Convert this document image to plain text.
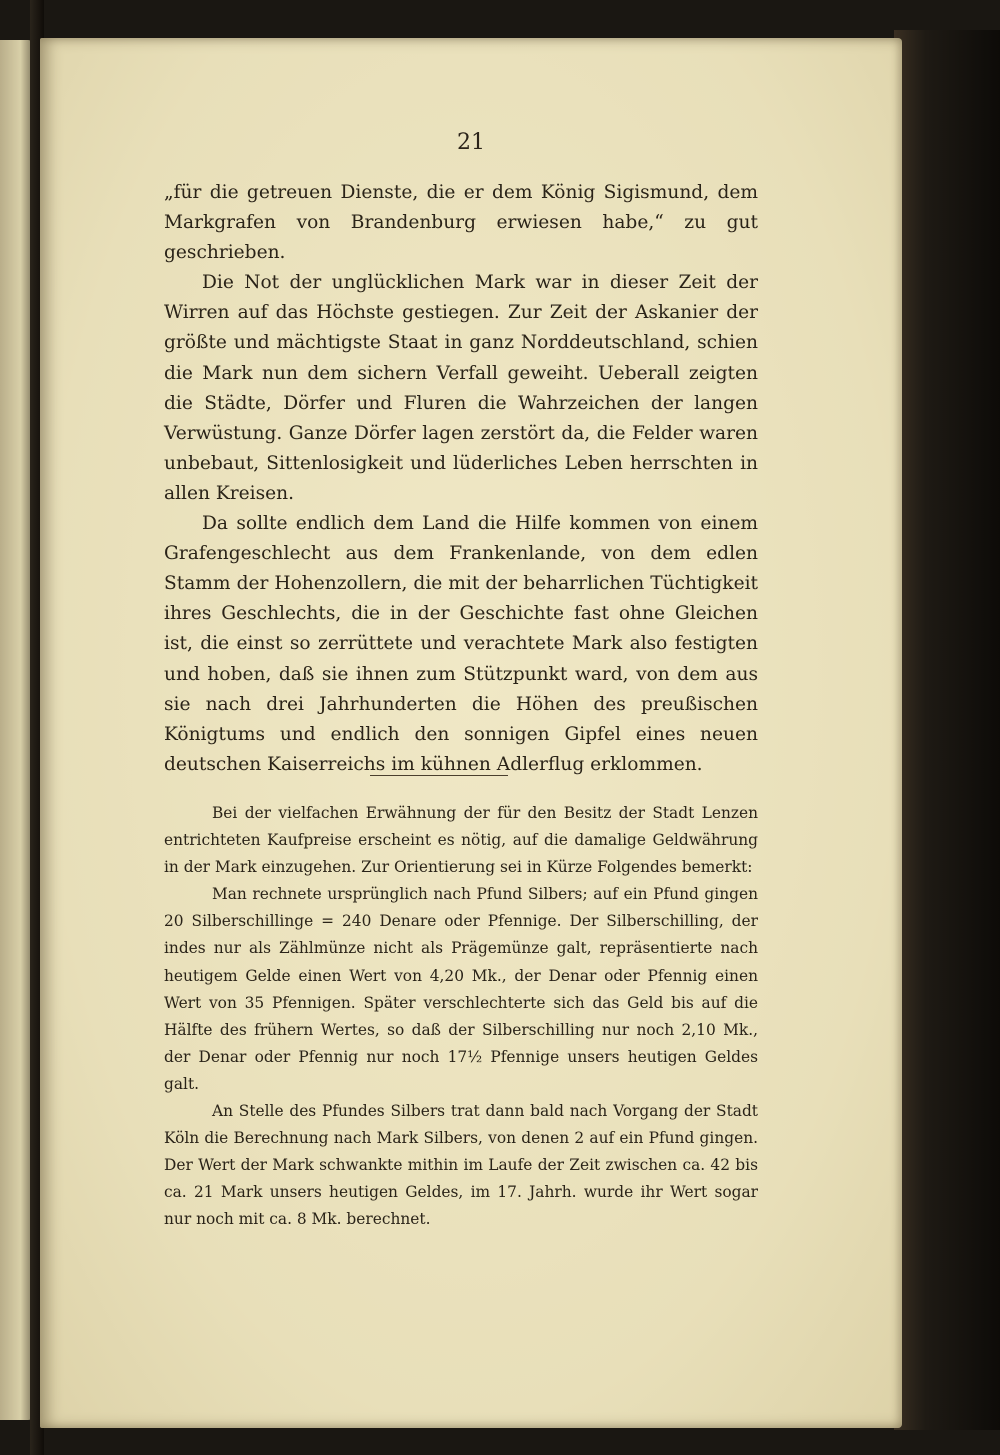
21

„für die getreuen Dienste, die er dem König Sigismund, dem Markgrafen von Brandenburg erwiesen habe,“ zu gut geschrieben.

Die Not der unglücklichen Mark war in dieser Zeit der Wirren auf das Höchste gestiegen. Zur Zeit der Askanier der größte und mächtigste Staat in ganz Norddeutschland, schien die Mark nun dem sichern Verfall geweiht. Ueberall zeigten die Städte, Dörfer und Fluren die Wahrzeichen der langen Verwüstung. Ganze Dörfer lagen zerstört da, die Felder waren unbebaut, Sittenlosigkeit und lüderliches Leben herrschten in allen Kreisen.

Da sollte endlich dem Land die Hilfe kommen von einem Grafengeschlecht aus dem Frankenlande, von dem edlen Stamm der Hohenzollern, die mit der beharrlichen Tüchtigkeit ihres Geschlechts, die in der Geschichte fast ohne Gleichen ist, die einst so zerrüttete und verachtete Mark also festigten und hoben, daß sie ihnen zum Stützpunkt ward, von dem aus sie nach drei Jahrhunderten die Höhen des preußischen Königtums und endlich den sonnigen Gipfel eines neuen deutschen Kaiserreichs im kühnen Adlerflug erklommen.

Bei der vielfachen Erwähnung der für den Besitz der Stadt Lenzen entrichteten Kaufpreise erscheint es nötig, auf die damalige Geldwährung in der Mark einzugehen. Zur Orientierung sei in Kürze Folgendes bemerkt:

Man rechnete ursprünglich nach Pfund Silbers; auf ein Pfund gingen 20 Silberschillinge = 240 Denare oder Pfennige. Der Silberschilling, der indes nur als Zählmünze nicht als Prägemünze galt, repräsentierte nach heutigem Gelde einen Wert von 4,20 Mk., der Denar oder Pfennig einen Wert von 35 Pfennigen. Später verschlechterte sich das Geld bis auf die Hälfte des frühern Wertes, so daß der Silberschilling nur noch 2,10 Mk., der Denar oder Pfennig nur noch 17½ Pfennige unsers heutigen Geldes galt.

An Stelle des Pfundes Silbers trat dann bald nach Vorgang der Stadt Köln die Berechnung nach Mark Silbers, von denen 2 auf ein Pfund gingen. Der Wert der Mark schwankte mithin im Laufe der Zeit zwischen ca. 42 bis ca. 21 Mark unsers heutigen Geldes, im 17. Jahrh. wurde ihr Wert sogar nur noch mit ca. 8 Mk. berechnet.
